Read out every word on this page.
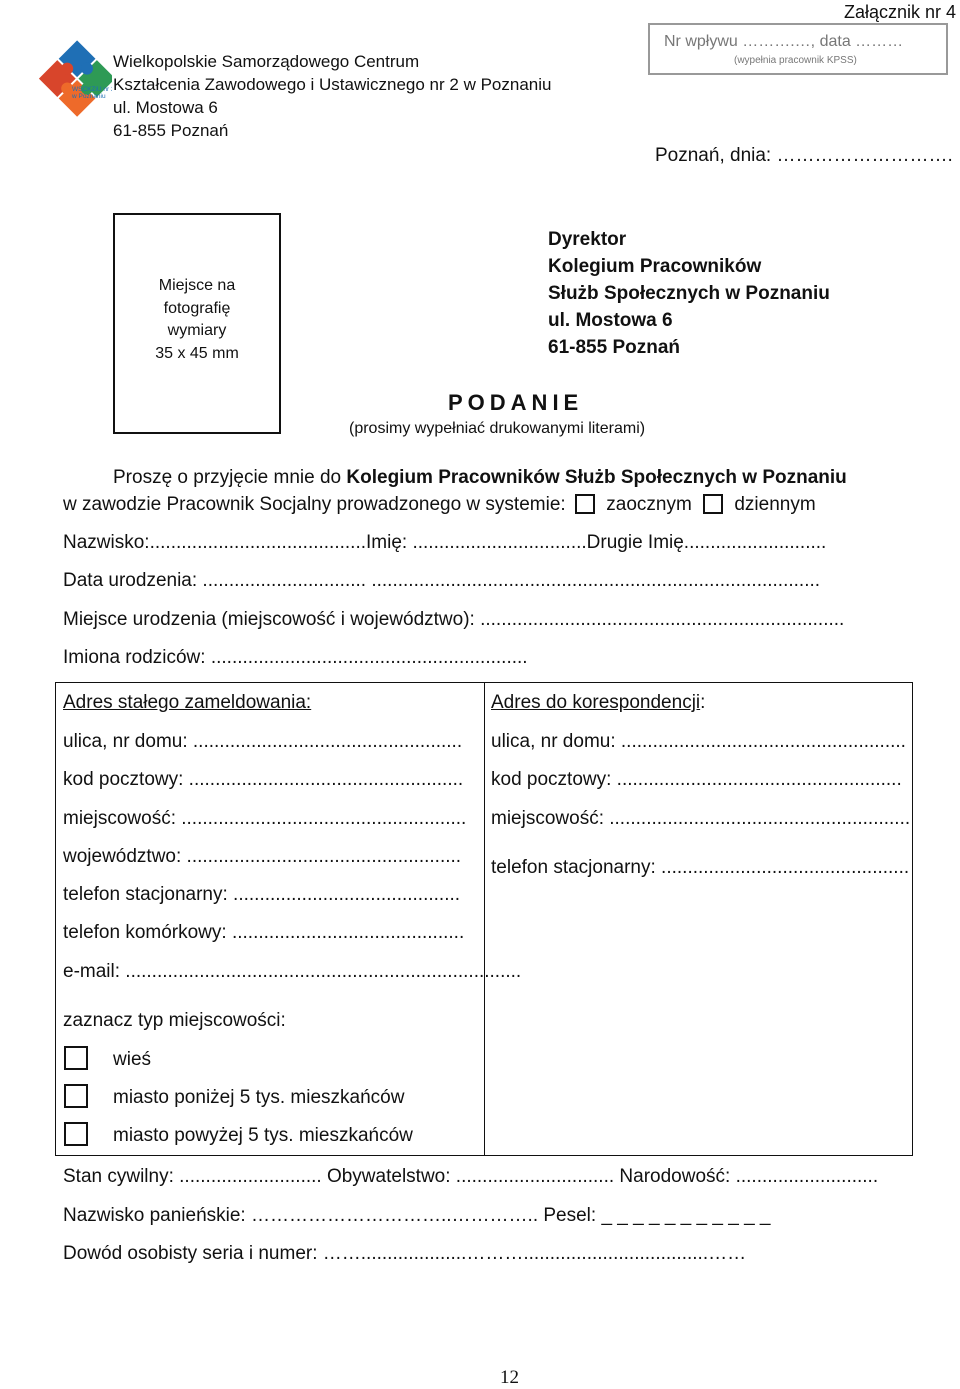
WSCKZiU nr 2
w Poznaniu
Wielkopolskie Samorządowego Centrum
Kształcenia Zawodowego i Ustawicznego nr 2 w Poznaniu
ul. Mostowa 6
61-855 Poznań
Załącznik nr 4
Nr wpływu ……….…, data ………
(wypełnia pracownik KPSS)
Poznań, dnia: ……………………….
Miejsce na
fotografię
wymiary
35 x 45 mm
Dyrektor
Kolegium Pracowników
Służb Społecznych w Poznaniu
ul. Mostowa 6
61-855 Poznań
PODANIE
(prosimy wypełniać drukowanymi literami)
Proszę o przyjęcie mnie do Kolegium Pracowników Służb Społecznych w Poznaniu
w zawodzie Pracownik Socjalny prowadzonego w systemie: zaocznym dziennym
Nazwisko:.........................................Imię: .................................Drugie Imię...........................
Data urodzenia: ............................... .....................................................................................
Miejsce urodzenia (miejscowość i województwo): .....................................................................
Imiona rodziców: ............................................................
Adres stałego zameldowania:
ulica, nr domu: ...................................................
kod pocztowy: ....................................................
miejscowość: ......................................................
województwo: ....................................................
telefon stacjonarny: ...........................................
telefon komórkowy: ............................................
e-mail: ...........................................................................
Adres do korespondencji:
ulica, nr domu: ......................................................
kod pocztowy: ......................................................
miejscowość: .........................................................
telefon stacjonarny: ...............................................
zaznacz typ miejscowości:
wieś
miasto poniżej 5 tys. mieszkańców
miasto powyżej 5 tys. mieszkańców
Stan cywilny: ........................... Obywatelstwo: .............................. Narodowość: ...........................
Nazwisko panieńskie: …………………………..………….. Pesel: _ _ _ _ _ _ _ _ _ _ _
Dowód osobisty seria i numer: ……....................………...................................……
12
